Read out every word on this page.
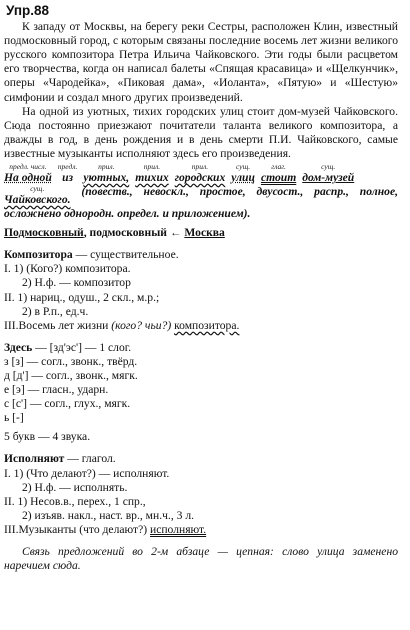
Упр.88

К западу от Москвы, на берегу реки Сестры, расположен Клин, известный подмосковный город, с которым связаны последние восемь лет жизни великого русского композитора Петра Ильича Чайковского. Эти годы были расцветом его творчества, когда он написал балеты «Спящая красавица» и «Щелкунчик», оперы «Чародейка», «Пиковая дама», «Иоланта», «Пятую» и «Шестую» симфонии и создал много других произведений.

На одной из уютных, тихих городских улиц стоит дом-музей Чайковского. Сюда постоянно приезжают почитатели таланта великого композитора, а дважды в год, в день рождения и в день смерти П.И. Чайковского, самые известные музыканты исполняют здесь его произведения.

предл. числ.
На одной
предл.
из
прил.
уютных,
прил.
тихих
прил.
городских
сущ.
улиц
глаг.
стоит
сущ.
дом-музей

сущ.
Чайковского.
(повеств., невоскл., простое, двусост., распр., полное, осложнено однородн. определ. и приложением).

Подмосковный, подмосковный ← Москва
Композитора — существительное.
I. 1) (Кого?) композитора.
2) Н.ф. — композитор
II. 1) нариц., одуш., 2 скл., м.р.;
2) в Р.п., ед.ч.
III.Восемь лет жизни (кого? чьи?) композитора.
Здесь — [зд'эс'] — 1 слог.
з [з] — согл., звонк., твёрд.
д [д'] — согл., звонк., мягк.
е [э] — гласн., ударн.
с [с'] — согл., глух., мягк.
ь [-]
5 букв — 4 звука.
Исполняют — глагол.
I. 1) (Что делают?) — исполняют.
2) Н.ф. — исполнять.
II. 1) Несов.в., перех., 1 спр.,
2) изъяв. накл., наст. вр., мн.ч., 3 л.
III.Музыканты (что делают?) исполняют.

Связь предложений во 2-м абзаце — цепная: слово улица заменено наречием сюда.
